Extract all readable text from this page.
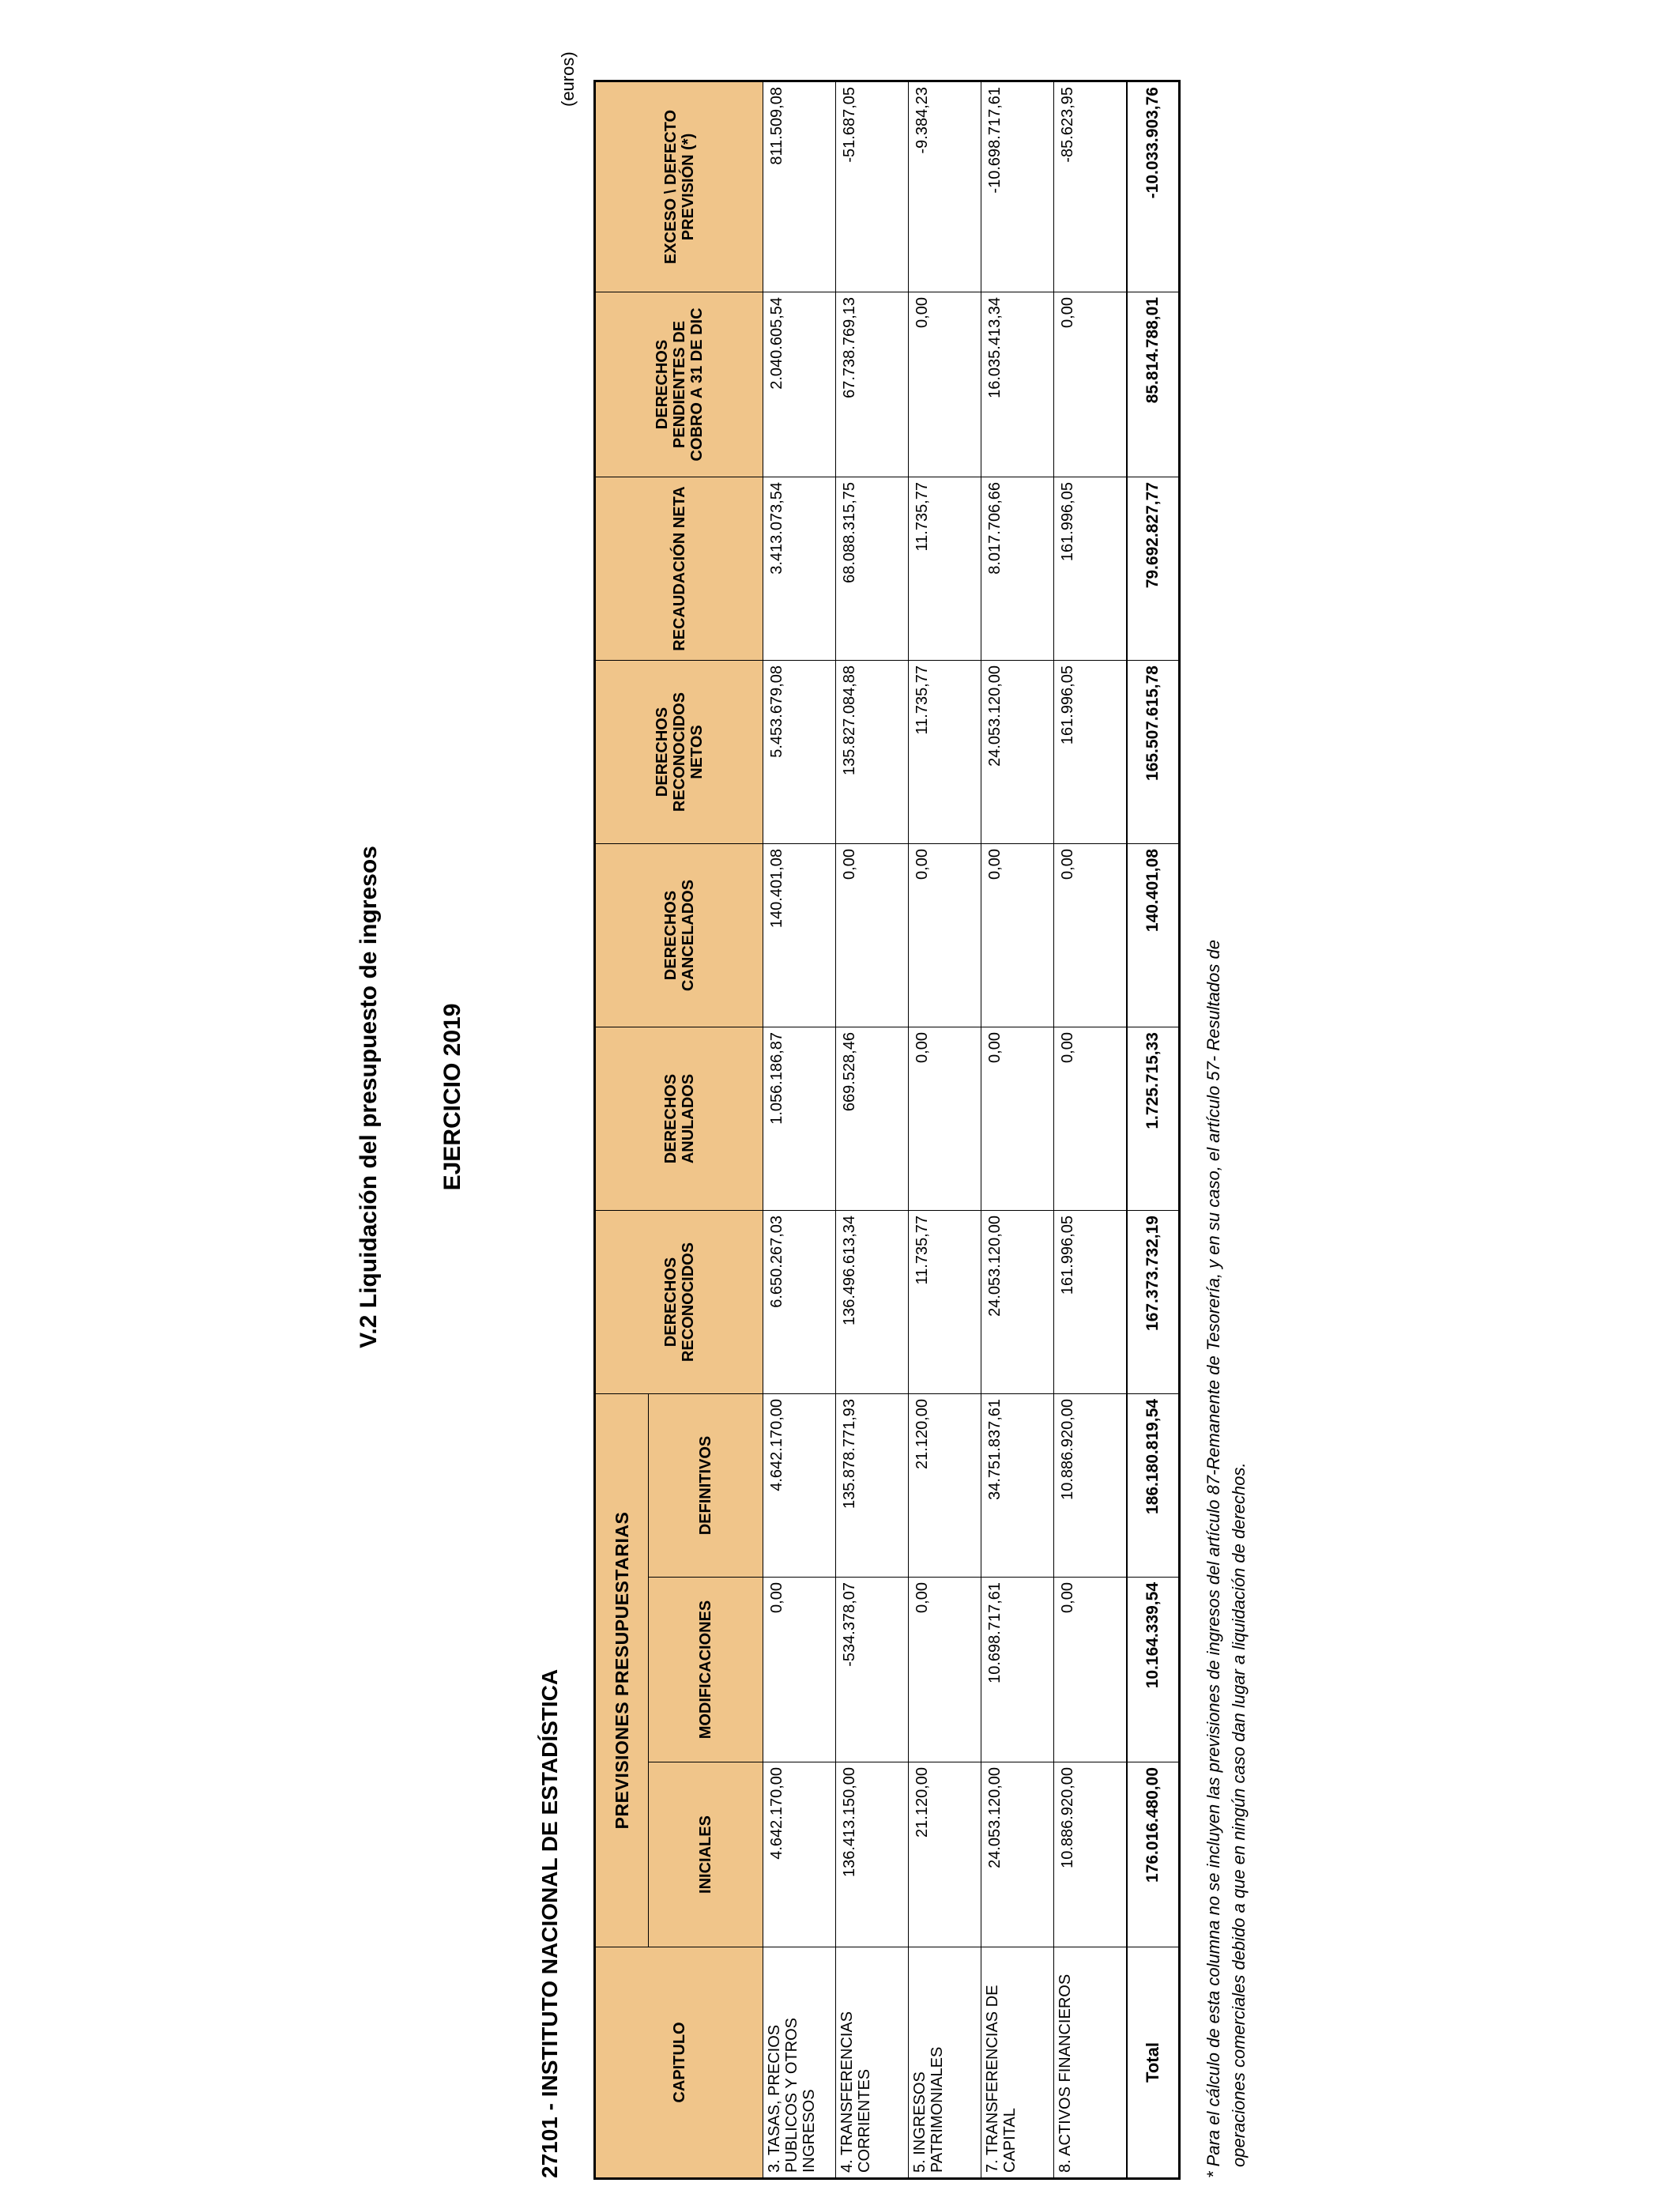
V.2 Liquidación del presupuesto de ingresos EJERCICIO 2019
27101 - INSTITUTO NACIONAL DE ESTADÍSTICA
(euros)
CAPITULO	PREVISIONES PRESUPUESTARIAS			DERECHOS RECONOCIDOS	DERECHOS ANULADOS	DERECHOS CANCELADOS	DERECHOS RECONOCIDOS NETOS	RECAUDACIÓN NETA	DERECHOS PENDIENTES DE COBRO A 31 DE DIC	EXCESO \ DEFECTO PREVISIÓN (*)
	INICIALES	MODIFICACIONES	DEFINITIVOS							
3. TASAS, PRECIOS PUBLICOS Y OTROS INGRESOS	4.642.170,00	0,00	4.642.170,00	6.650.267,03	1.056.186,87	140.401,08	5.453.679,08	3.413.073,54	2.040.605,54	811.509,08
4. TRANSFERENCIAS CORRIENTES	136.413.150,00	-534.378,07	135.878.771,93	136.496.613,34	669.528,46	0,00	135.827.084,88	68.088.315,75	67.738.769,13	-51.687,05
5. INGRESOS PATRIMONIALES	21.120,00	0,00	21.120,00	11.735,77	0,00	0,00	11.735,77	11.735,77	0,00	-9.384,23
7. TRANSFERENCIAS DE CAPITAL	24.053.120,00	10.698.717,61	34.751.837,61	24.053.120,00	0,00	0,00	24.053.120,00	8.017.706,66	16.035.413,34	-10.698.717,61
8. ACTIVOS FINANCIEROS	10.886.920,00	0,00	10.886.920,00	161.996,05	0,00	0,00	161.996,05	161.996,05	0,00	-85.623,95
Total	176.016.480,00	10.164.339,54	186.180.819,54	167.373.732,19	1.725.715,33	140.401,08	165.507.615,78	79.692.827,77	85.814.788,01	-10.033.903,76
* Para el cálculo de esta columna no se incluyen las previsiones de ingresos del artículo 87-Remanente de Tesorería, y en su caso, el artículo 57- Resultados de operaciones comerciales debido a que en ningún caso dan lugar a liquidación de derechos.
